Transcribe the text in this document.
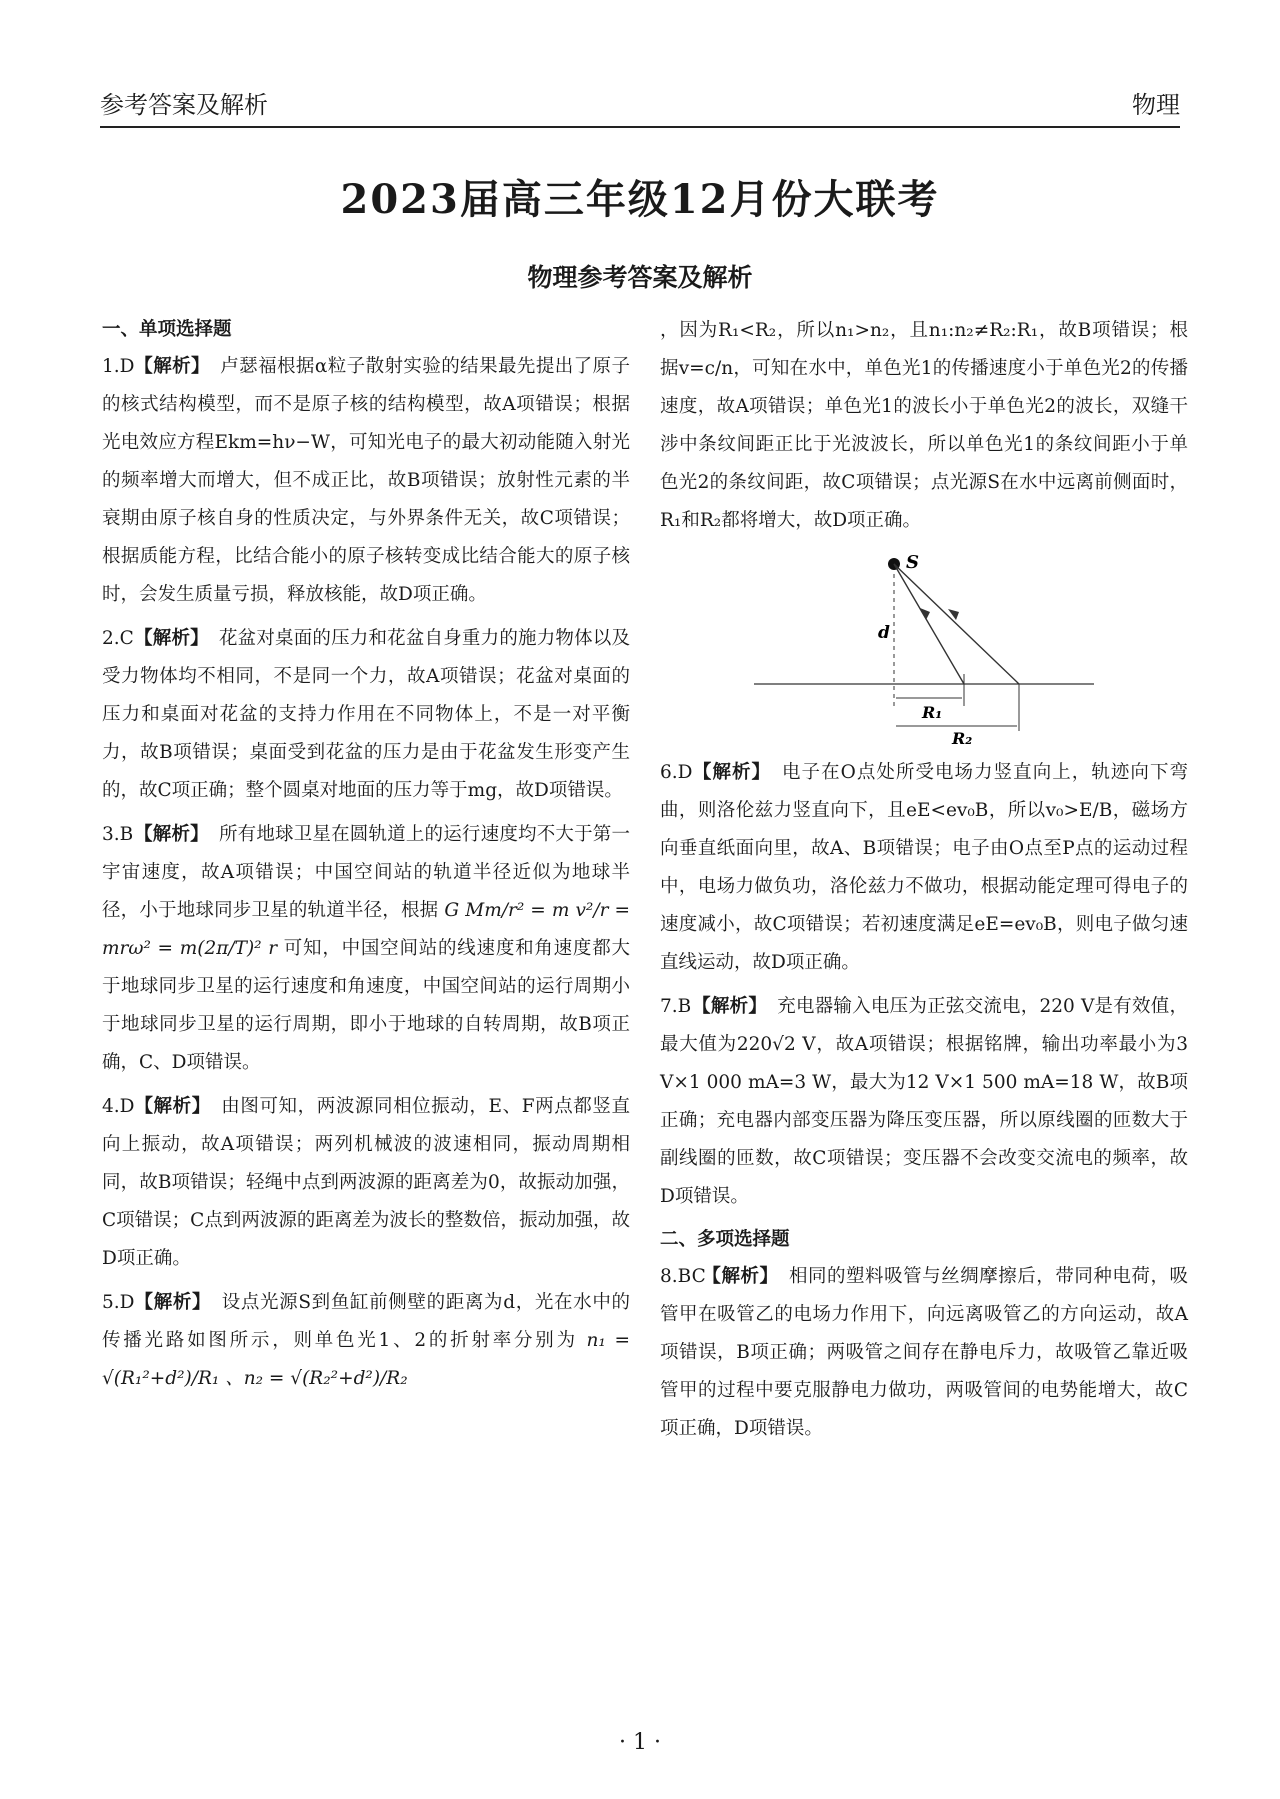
参考答案及解析	物理
2023届高三年级12月份大联考
物理参考答案及解析
一、单项选择题

1.D 【解析】 卢瑟福根据α粒子散射实验的结果最先提出了原子的核式结构模型，而不是原子核的结构模型，故A项错误；根据光电效应方程Ekm=hν−W，可知光电子的最大初动能随入射光的频率增大而增大，但不成正比，故B项错误；放射性元素的半衰期由原子核自身的性质决定，与外界条件无关，故C项错误；根据质能方程，比结合能小的原子核转变成比结合能大的原子核时，会发生质量亏损，释放核能，故D项正确。

2.C 【解析】 花盆对桌面的压力和花盆自身重力的施力物体以及受力物体均不相同，不是同一个力，故A项错误；花盆对桌面的压力和桌面对花盆的支持力作用在不同物体上，不是一对平衡力，故B项错误；桌面受到花盆的压力是由于花盆发生形变产生的，故C项正确；整个圆桌对地面的压力等于mg，故D项错误。

3.B 【解析】 所有地球卫星在圆轨道上的运行速度均不大于第一宇宙速度，故A项错误；中国空间站的轨道半径近似为地球半径，小于地球同步卫星的轨道半径，根据 G Mm/r² = m v²/r = mrω² = m(2π/T)² r 可知，中国空间站的线速度和角速度都大于地球同步卫星的运行速度和角速度，中国空间站的运行周期小于地球同步卫星的运行周期，即小于地球的自转周期，故B项正确，C、D项错误。

4.D 【解析】 由图可知，两波源同相位振动，E、F两点都竖直向上振动，故A项错误；两列机械波的波速相同，振动周期相同，故B项错误；轻绳中点到两波源的距离差为0，故振动加强，C项错误；C点到两波源的距离差为波长的整数倍，振动加强，故D项正确。

5.D 【解析】 设点光源S到鱼缸前侧壁的距离为d，光在水中的传播光路如图所示，则单色光1、2的折射率分别为 n₁ = √(R₁²+d²)/R₁ 、n₂ = √(R₂²+d²)/R₂

，因为R₁<R₂，所以n₁>n₂，且n₁:n₂≠R₂:R₁，故B项错误；根据v=c/n，可知在水中，单色光1的传播速度小于单色光2的传播速度，故A项错误；单色光1的波长小于单色光2的波长，双缝干涉中条纹间距正比于光波波长，所以单色光1的条纹间距小于单色光2的条纹间距，故C项错误；点光源S在水中远离前侧面时，R₁和R₂都将增大，故D项正确。

S
d
R₁
R₂

6.D 【解析】 电子在O点处所受电场力竖直向上，轨迹向下弯曲，则洛伦兹力竖直向下，且eE<ev₀B，所以v₀>E/B，磁场方向垂直纸面向里，故A、B项错误；电子由O点至P点的运动过程中，电场力做负功，洛伦兹力不做功，根据动能定理可得电子的速度减小，故C项错误；若初速度满足eE=ev₀B，则电子做匀速直线运动，故D项正确。

7.B 【解析】 充电器输入电压为正弦交流电，220 V是有效值，最大值为220√2 V，故A项错误；根据铭牌，输出功率最小为3 V×1 000 mA=3 W，最大为12 V×1 500 mA=18 W，故B项正确；充电器内部变压器为降压变压器，所以原线圈的匝数大于副线圈的匝数，故C项错误；变压器不会改变交流电的频率，故D项错误。

二、多项选择题

8.BC 【解析】 相同的塑料吸管与丝绸摩擦后，带同种电荷，吸管甲在吸管乙的电场力作用下，向远离吸管乙的方向运动，故A项错误，B项正确；两吸管之间存在静电斥力，故吸管乙靠近吸管甲的过程中要克服静电力做功，两吸管间的电势能增大，故C项正确，D项错误。

· 1 ·
